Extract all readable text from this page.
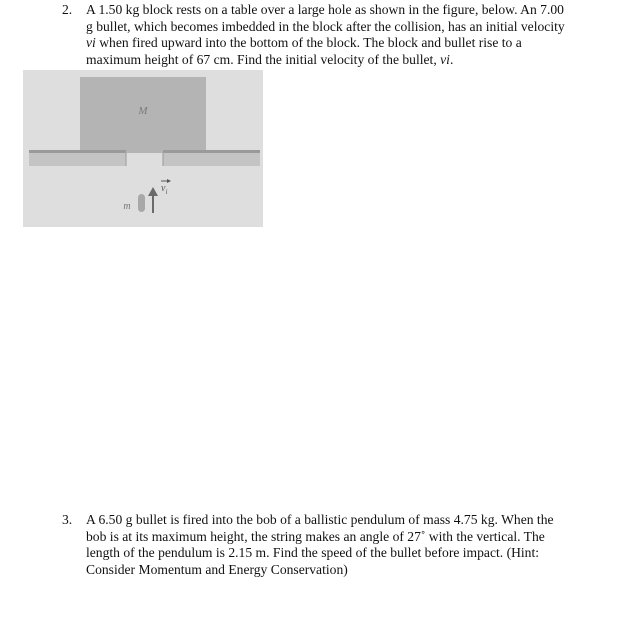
2. A 1.50 kg block rests on a table over a large hole as shown in the figure, below. An 7.00
g bullet, which becomes imbedded in the block after the collision, has an initial velocity
vi when fired upward into the bottom of the block. The block and bullet rise to a
maximum height of 67 cm. Find the initial velocity of the bullet, vi.
M
m
$v_i$
3. A 6.50 g bullet is fired into the bob of a ballistic pendulum of mass 4.75 kg. When the
bob is at its maximum height, the string makes an angle of 27˚ with the vertical. The
length of the pendulum is 2.15 m. Find the speed of the bullet before impact. (Hint:
Consider Momentum and Energy Conservation)
